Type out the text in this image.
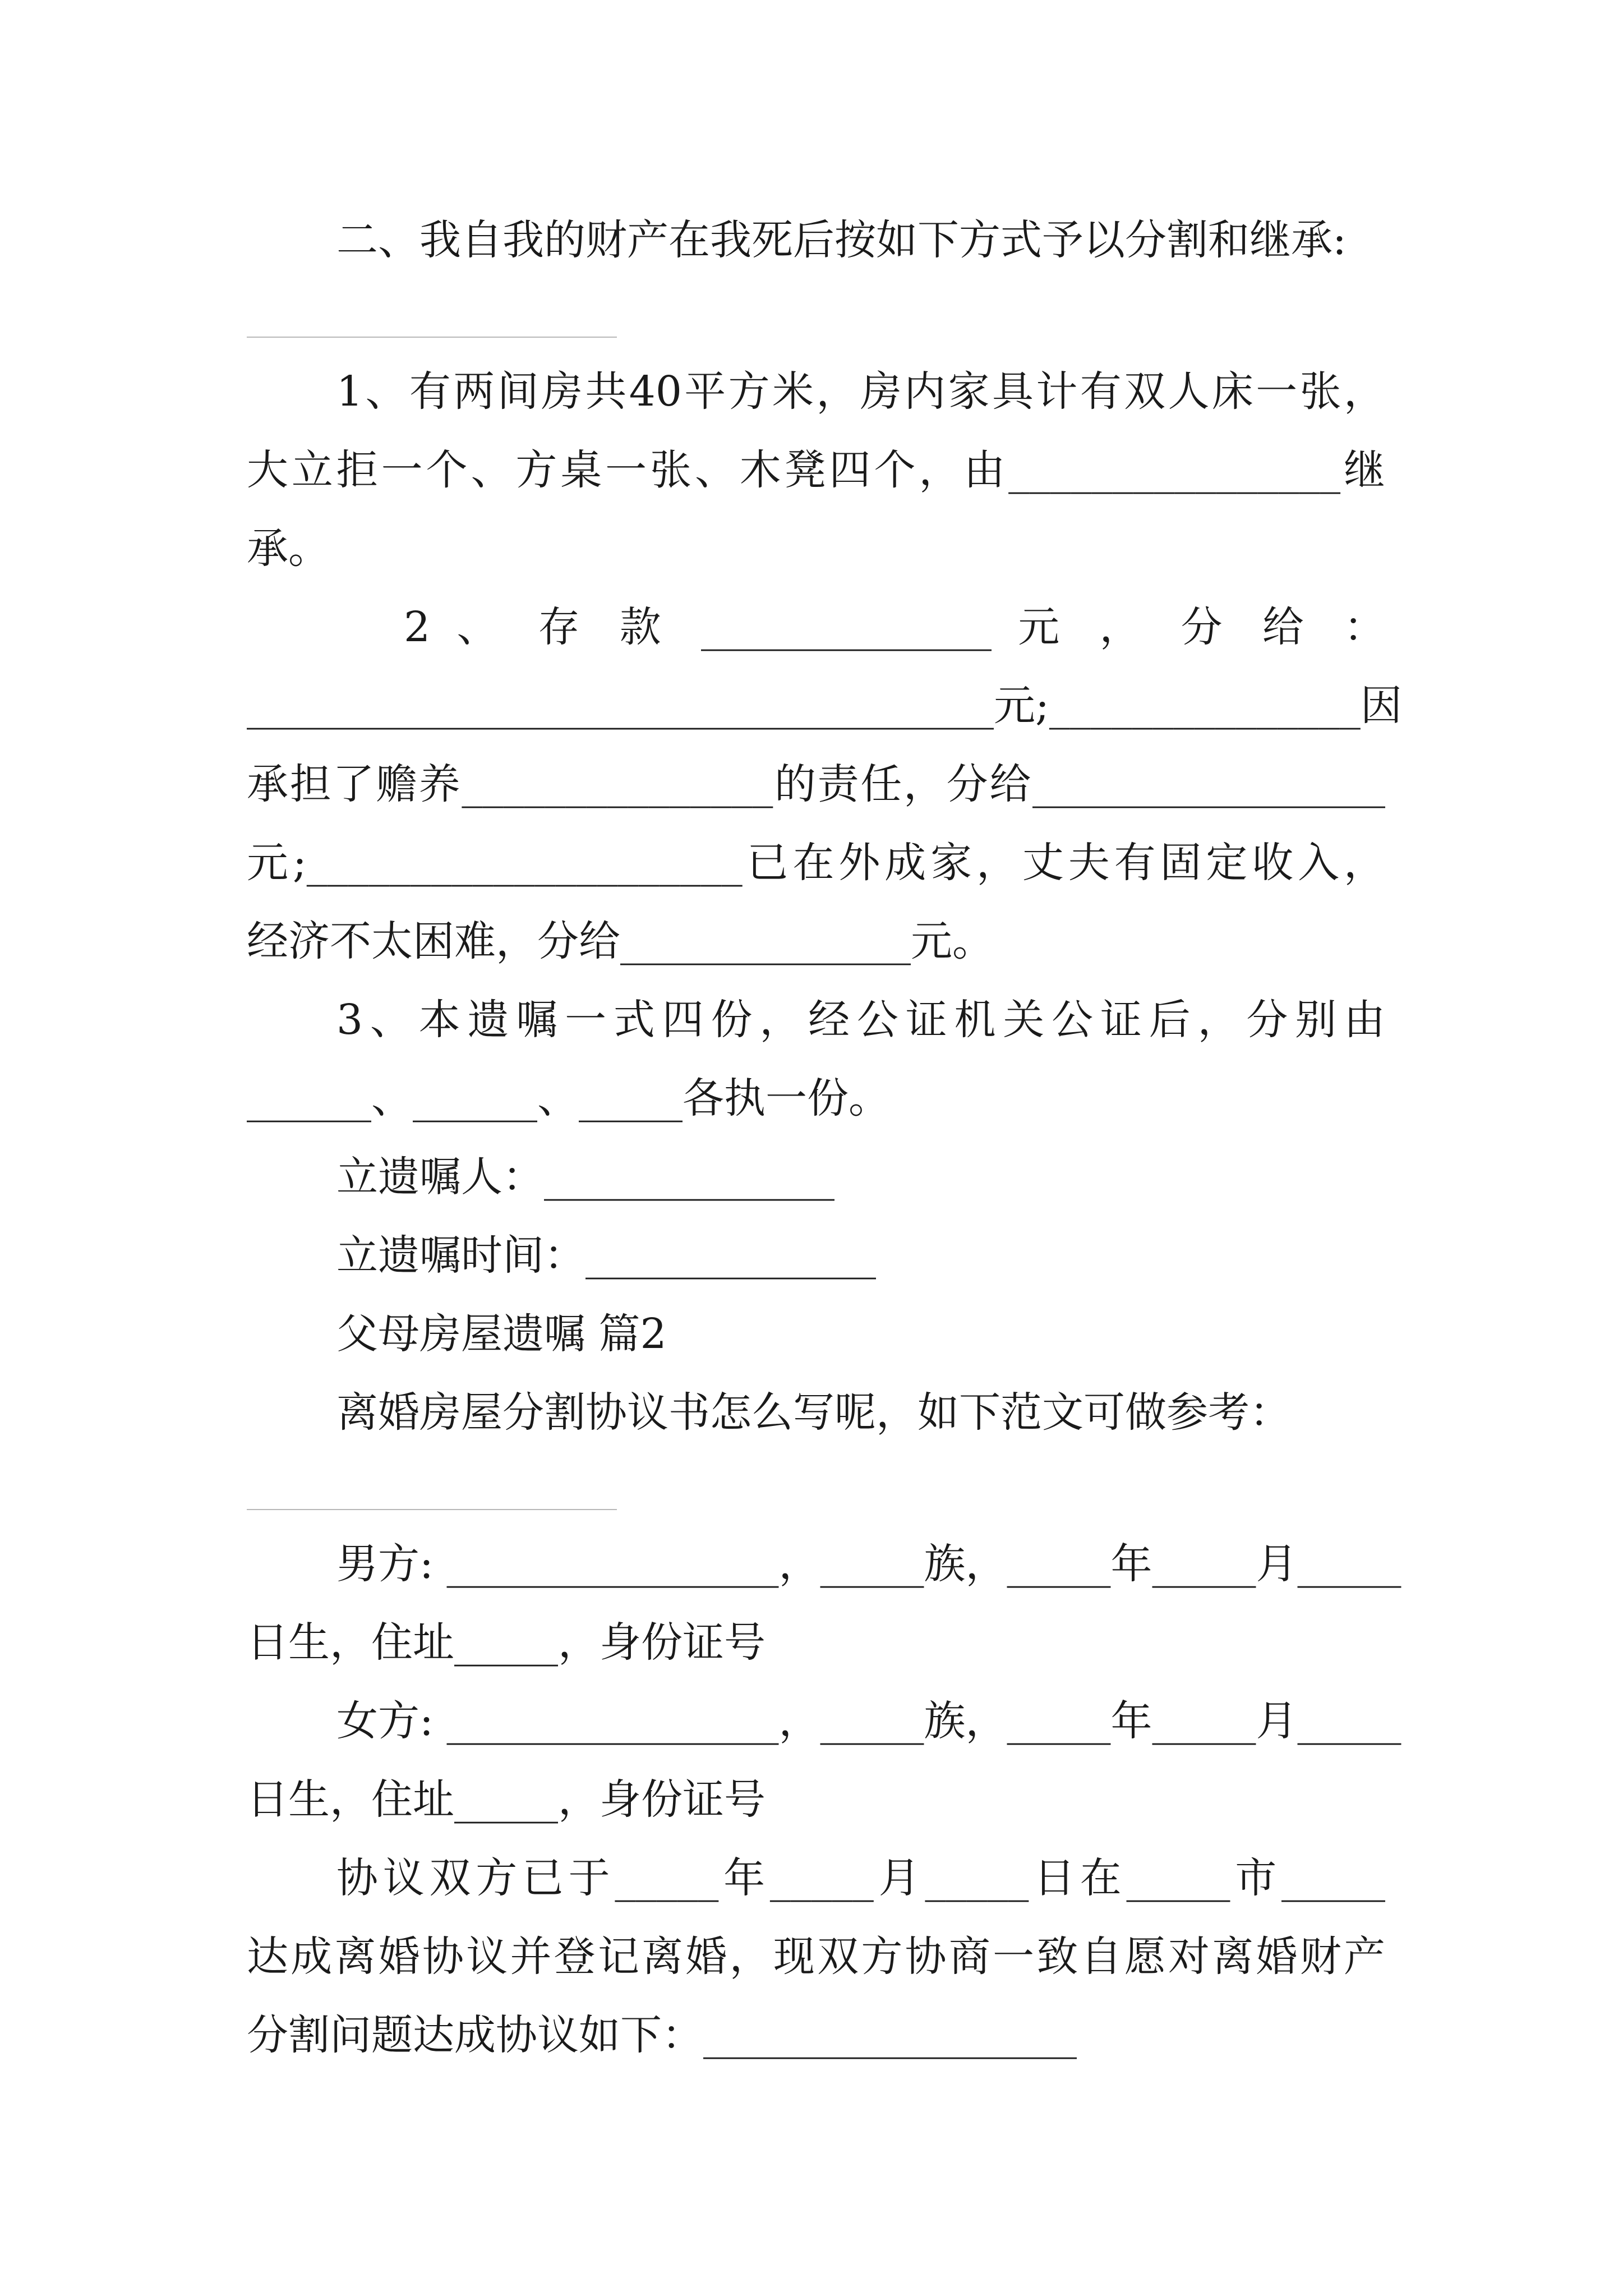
二、我自我的财产在我死后按如下方式予以分割和继承:
1、有两间房共40平方米，房内家具计有双人床一张，
大立拒一个、方桌一张、木凳四个，由________________继
承。
2 、 存 款 ______________ 元 ， 分 给 ：
____________________________________元;_______________因
承担了赡养_______________的责任，分给_________________
元;_____________________已在外成家，丈夫有固定收入，
经济不太困难，分给______________元。
3、本遗嘱一式四份，经公证机关公证后，分别由
______、______、_____各执一份。
立遗嘱人：______________
立遗嘱时间：______________
父母房屋遗嘱 篇2
离婚房屋分割协议书怎么写呢，如下范文可做参考：
男方: ________________，_____族，_____年_____月_____
日生，住址_____，身份证号
女方: ________________，_____族，_____年_____月_____
日生，住址_____，身份证号
协议双方已于_____年_____月_____日在_____市_____
达成离婚协议并登记离婚，现双方协商一致自愿对离婚财产
分割问题达成协议如下：__________________
